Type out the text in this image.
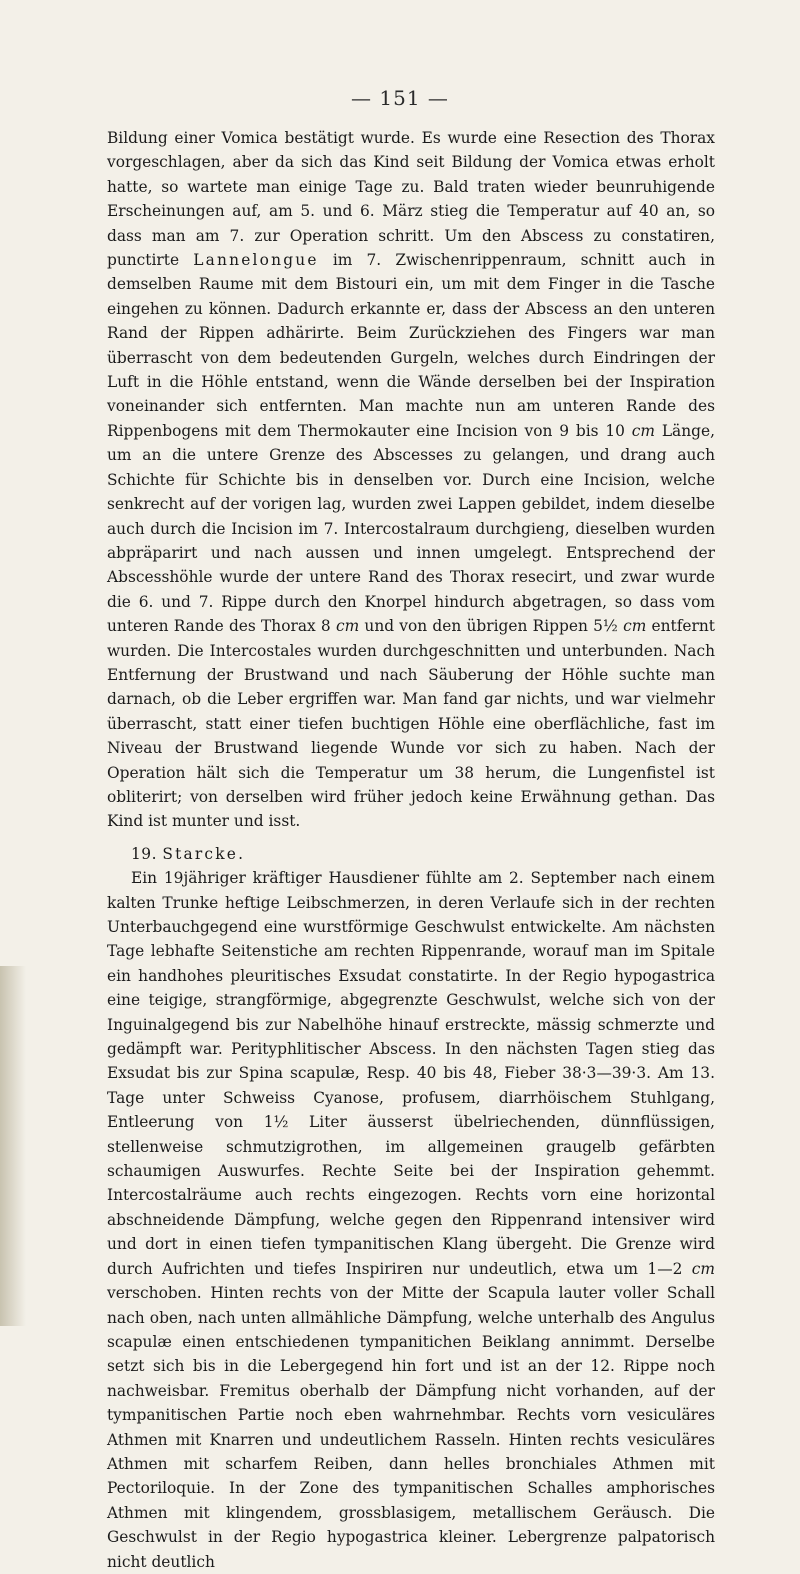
— 151 —

Bildung einer Vomica bestätigt wurde. Es wurde eine Resection des Thorax vorgeschlagen, aber da sich das Kind seit Bildung der Vomica etwas erholt hatte, so wartete man einige Tage zu. Bald traten wieder beunruhigende Erscheinungen auf, am 5. und 6. März stieg die Temperatur auf 40 an, so dass man am 7. zur Operation schritt. Um den Abscess zu constatiren, punctirte Lannelongue im 7. Zwischenrippenraum, schnitt auch in demselben Raume mit dem Bistouri ein, um mit dem Finger in die Tasche eingehen zu können. Dadurch erkannte er, dass der Abscess an den unteren Rand der Rippen adhärirte. Beim Zurückziehen des Fingers war man überrascht von dem bedeutenden Gurgeln, welches durch Eindringen der Luft in die Höhle entstand, wenn die Wände derselben bei der Inspiration voneinander sich entfernten. Man machte nun am unteren Rande des Rippenbogens mit dem Thermokauter eine Incision von 9 bis 10 cm Länge, um an die untere Grenze des Abscesses zu gelangen, und drang auch Schichte für Schichte bis in denselben vor. Durch eine Incision, welche senkrecht auf der vorigen lag, wurden zwei Lappen gebildet, indem dieselbe auch durch die Incision im 7. Intercostalraum durchgieng, dieselben wurden abpräparirt und nach aussen und innen umgelegt. Entsprechend der Abscesshöhle wurde der untere Rand des Thorax resecirt, und zwar wurde die 6. und 7. Rippe durch den Knorpel hindurch abgetragen, so dass vom unteren Rande des Thorax 8 cm und von den übrigen Rippen 5½ cm entfernt wurden. Die Intercostales wurden durchgeschnitten und unterbunden. Nach Entfernung der Brustwand und nach Säuberung der Höhle suchte man darnach, ob die Leber ergriffen war. Man fand gar nichts, und war vielmehr überrascht, statt einer tiefen buchtigen Höhle eine oberflächliche, fast im Niveau der Brustwand liegende Wunde vor sich zu haben. Nach der Operation hält sich die Temperatur um 38 herum, die Lungenfistel ist obliterirt; von derselben wird früher jedoch keine Erwähnung gethan. Das Kind ist munter und isst.

19. Starcke.

Ein 19jähriger kräftiger Hausdiener fühlte am 2. September nach einem kalten Trunke heftige Leibschmerzen, in deren Verlaufe sich in der rechten Unterbauchgegend eine wurstförmige Geschwulst entwickelte. Am nächsten Tage lebhafte Seitenstiche am rechten Rippenrande, worauf man im Spitale ein handhohes pleuritisches Exsudat constatirte. In der Regio hypogastrica eine teigige, strangförmige, abgegrenzte Geschwulst, welche sich von der Inguinalgegend bis zur Nabelhöhe hinauf erstreckte, mässig schmerzte und gedämpft war. Perityphlitischer Abscess. In den nächsten Tagen stieg das Exsudat bis zur Spina scapulæ, Resp. 40 bis 48, Fieber 38·3—39·3. Am 13. Tage unter Schweiss Cyanose, profusem, diarrhöischem Stuhlgang, Entleerung von 1½ Liter äusserst übelriechenden, dünnflüssigen, stellenweise schmutzigrothen, im allgemeinen graugelb gefärbten schaumigen Auswurfes. Rechte Seite bei der Inspiration gehemmt. Intercostalräume auch rechts eingezogen. Rechts vorn eine horizontal abschneidende Dämpfung, welche gegen den Rippenrand intensiver wird und dort in einen tiefen tympanitischen Klang übergeht. Die Grenze wird durch Aufrichten und tiefes Inspiriren nur undeutlich, etwa um 1—2 cm verschoben. Hinten rechts von der Mitte der Scapula lauter voller Schall nach oben, nach unten allmähliche Dämpfung, welche unterhalb des Angulus scapulæ einen entschiedenen tympanitichen Beiklang annimmt. Derselbe setzt sich bis in die Lebergegend hin fort und ist an der 12. Rippe noch nachweisbar. Fremitus oberhalb der Dämpfung nicht vorhanden, auf der tympanitischen Partie noch eben wahrnehmbar. Rechts vorn vesiculäres Athmen mit Knarren und undeutlichem Rasseln. Hinten rechts vesiculäres Athmen mit scharfem Reiben, dann helles bronchiales Athmen mit Pectoriloquie. In der Zone des tympanitischen Schalles amphorisches Athmen mit klingendem, grossblasigem, metallischem Geräusch. Die Geschwulst in der Regio hypogastrica kleiner. Lebergrenze palpatorisch nicht deutlich
